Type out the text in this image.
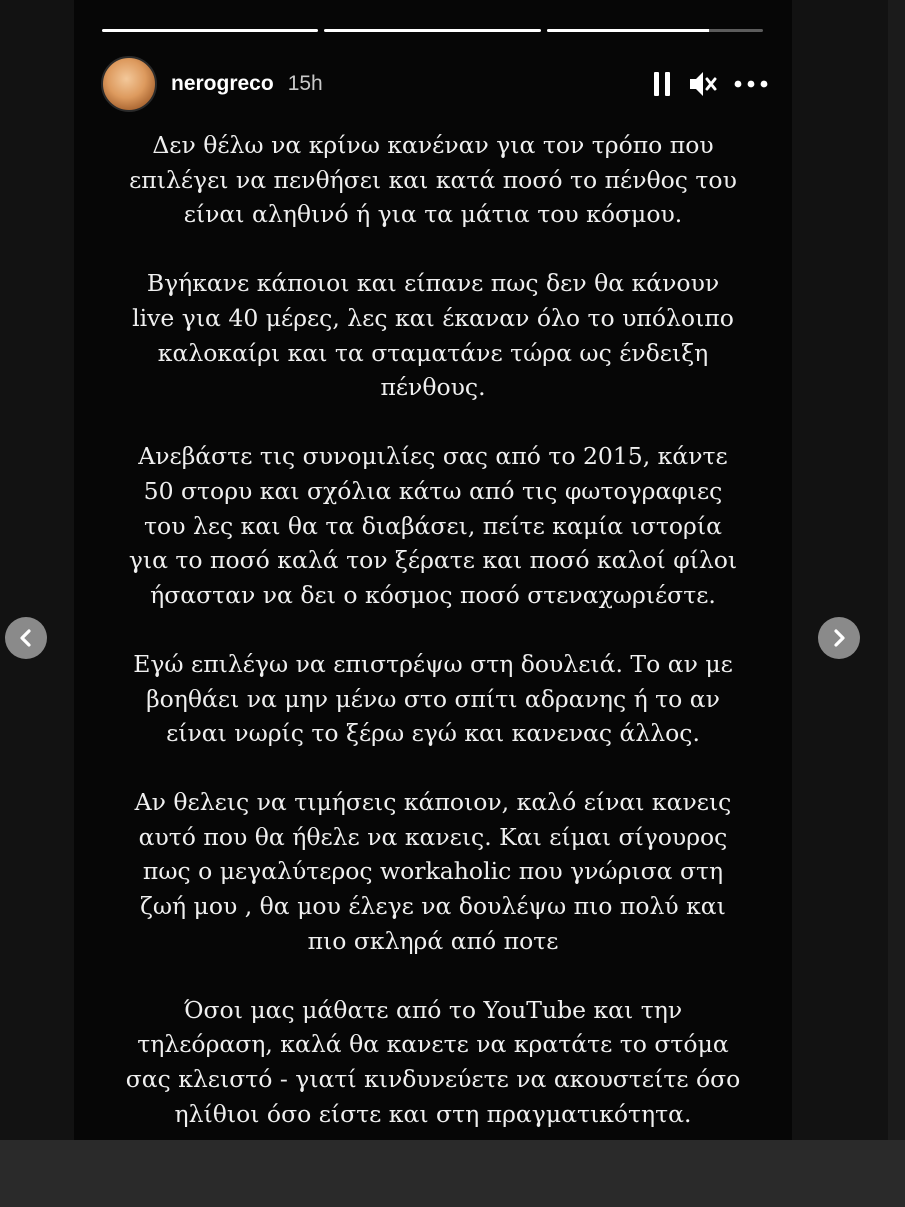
nerogreco 15h
Δεν θέλω να κρίνω κανέναν για τον τρόπο που
επιλέγει να πενθήσει και κατά ποσό το πένθος του
είναι αληθινό ή για τα μάτια του κόσμου.
Βγήκανε κάποιοι και είπανε πως δεν θα κάνουν
live για 40 μέρες, λες και έκαναν όλο το υπόλοιπο
καλοκαίρι και τα σταματάνε τώρα ως ένδειξη
πένθους.
Ανεβάστε τις συνομιλίες σας από το 2015, κάντε
50 στορυ και σχόλια κάτω από τις φωτογραφιες
του λες και θα τα διαβάσει, πείτε καμία ιστορία
για το ποσό καλά τον ξέρατε και ποσό καλοί φίλοι
ήσασταν να δει ο κόσμος ποσό στεναχωριέστε.
Εγώ επιλέγω να επιστρέψω στη δουλειά. Το αν με
βοηθάει να μην μένω στο σπίτι αδρανης ή το αν
είναι νωρίς το ξέρω εγώ και κανενας άλλος.
Αν θελεις να τιμήσεις κάποιον, καλό είναι κανεις
αυτό που θα ήθελε να κανεις. Και είμαι σίγουρος
πως ο μεγαλύτερος workaholic που γνώρισα στη
ζωή μου , θα μου έλεγε να δουλέψω πιο πολύ και
πιο σκληρά από ποτε
Όσοι μας μάθατε από το YouTube και την
τηλεόραση, καλά θα κανετε να κρατάτε το στόμα
σας κλειστό - γιατί κινδυνεύετε να ακουστείτε όσο
ηλίθιοι όσο είστε και στη πραγματικότητα.
